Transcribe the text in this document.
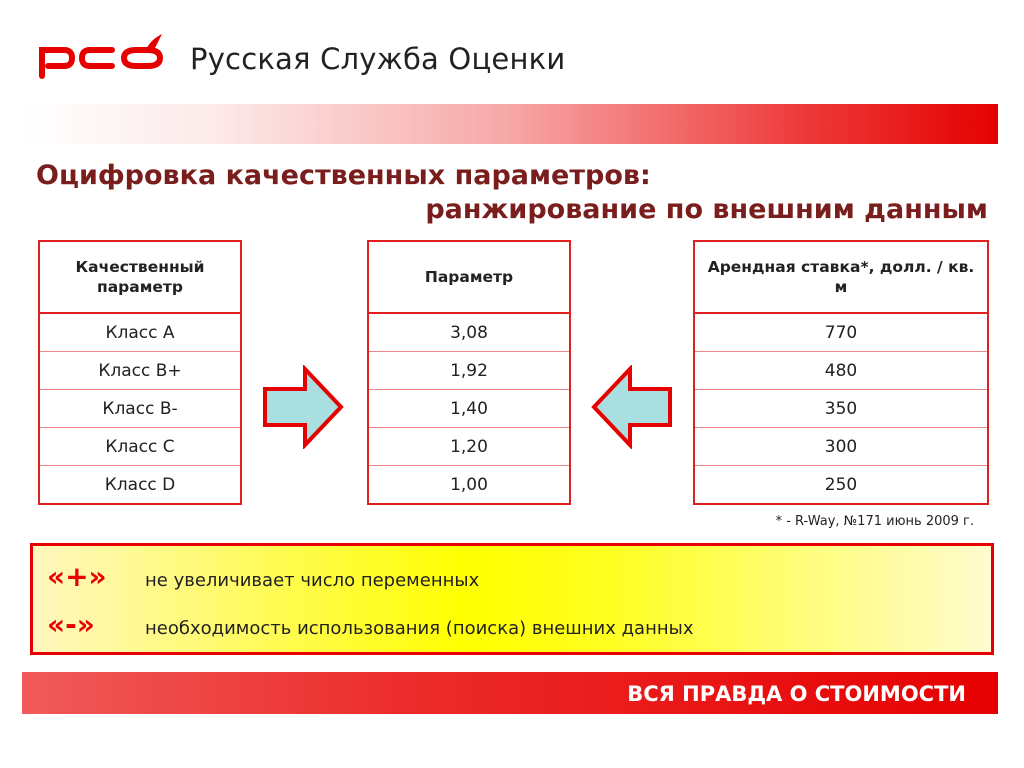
Русская Служба Оценки
Оцифровка качественных параметров:
ранжирование по внешним данным
Качественный параметр
Класс А
Класс В+
Класс В-
Класс С
Класс D
Параметр
3,08
1,92
1,40
1,20
1,00
Арендная ставка*, долл. / кв. м
770
480
350
300
250
* - R-Way, №171 июнь 2009 г.
«+» не увеличивает число переменных
«-»	необходимость использования (поиска) внешних данных
ВСЯ ПРАВДА О СТОИМОСТИ
